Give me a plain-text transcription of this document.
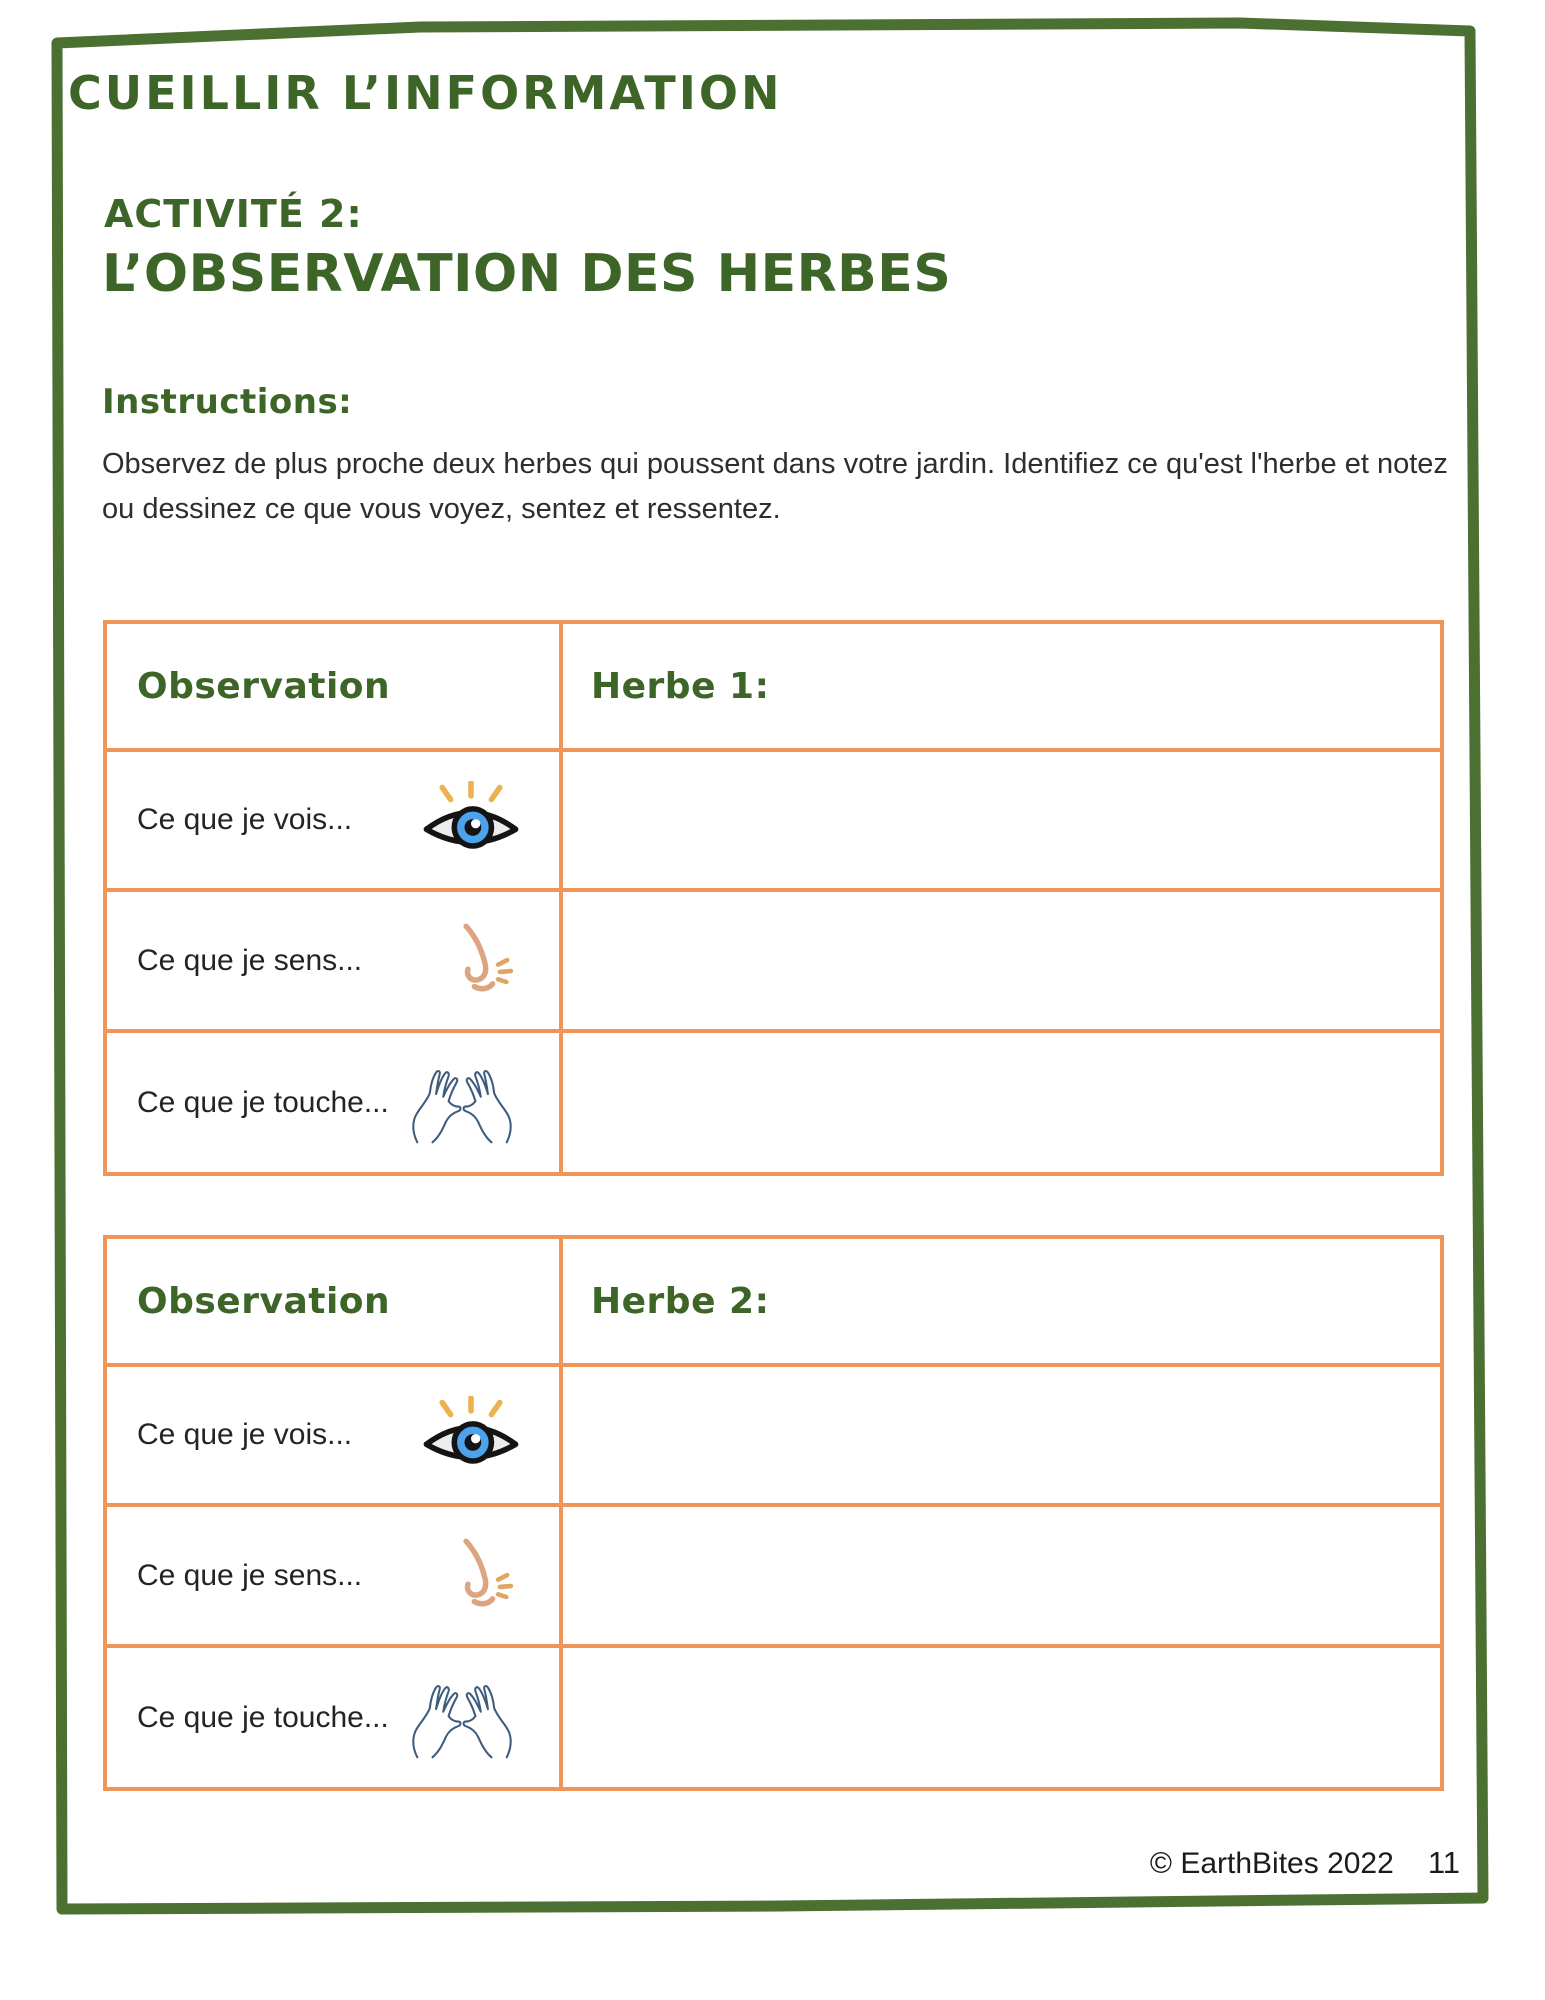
CUEILLIR L’INFORMATION
ACTIVITÉ 2:
L’OBSERVATION DES HERBES
Instructions:

Observez de plus proche deux herbes qui poussent dans votre jardin. Identifiez ce qu'est l'herbe et notez ou dessinez ce que vous voyez, sentez et ressentez.

Observation	Herbe 1:
Ce que je vois...
Ce que je sens...
Ce que je touche...
Observation	Herbe 2:
Ce que je vois...
Ce que je sens...
Ce que je touche...
© EarthBites 2022 11
